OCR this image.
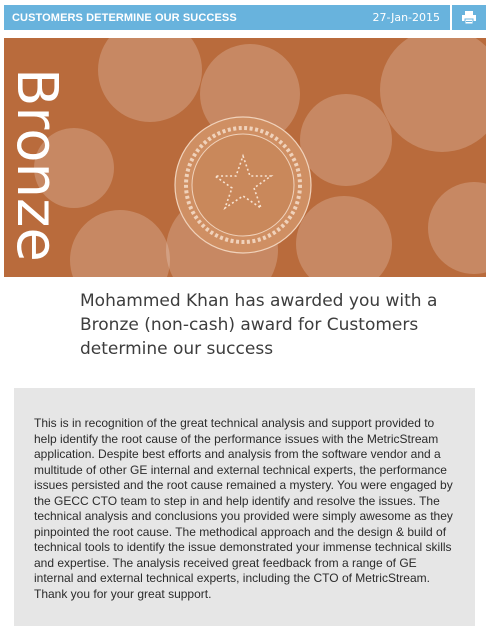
CUSTOMERS DETERMINE OUR SUCCESS	27-Jan-2015
Bronze
Mohammed Khan has awarded you with a Bronze (non-cash) award for Customers determine our success

This is in recognition of the great technical analysis and support provided to help identify the root cause of the performance issues with the MetricStream application. Despite best efforts and analysis from the software vendor and a multitude of other GE internal and external technical experts, the performance issues persisted and the root cause remained a mystery. You were engaged by the GECC CTO team to step in and help identify and resolve the issues. The technical analysis and conclusions you provided were simply awesome as they pinpointed the root cause. The methodical approach and the design & build of technical tools to identify the issue demonstrated your immense technical skills and expertise. The analysis received great feedback from a range of GE internal and external technical experts, including the CTO of MetricStream. Thank you for your great support.
